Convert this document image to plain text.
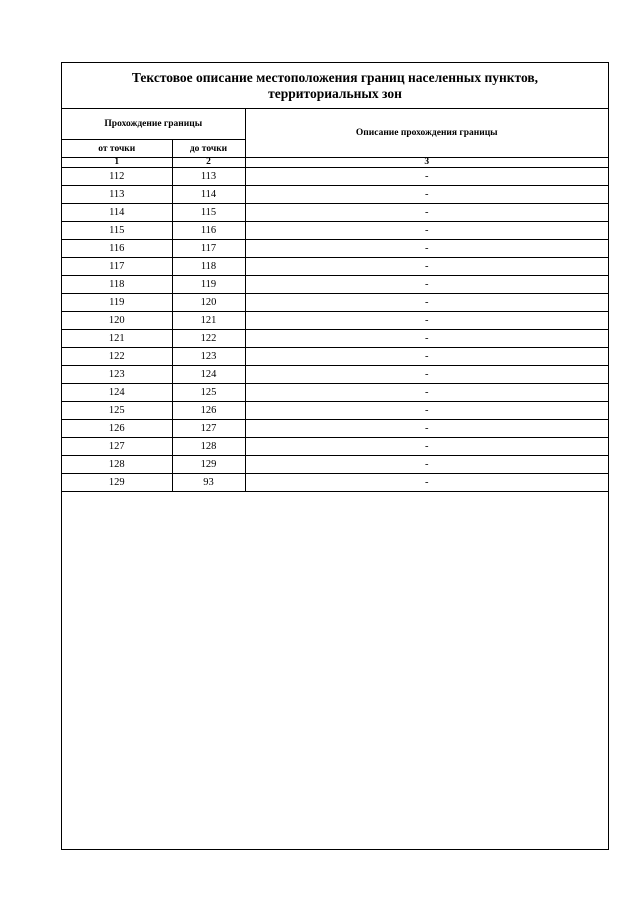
Текстовое описание местоположения границ населенных пунктов,
территориальных зон
Прохождение границы		Описание прохождения границы
от точки	до точки	
1	2	3
112	113	-
113	114	-
114	115	-
115	116	-
116	117	-
117	118	-
118	119	-
119	120	-
120	121	-
121	122	-
122	123	-
123	124	-
124	125	-
125	126	-
126	127	-
127	128	-
128	129	-
129	93	-
